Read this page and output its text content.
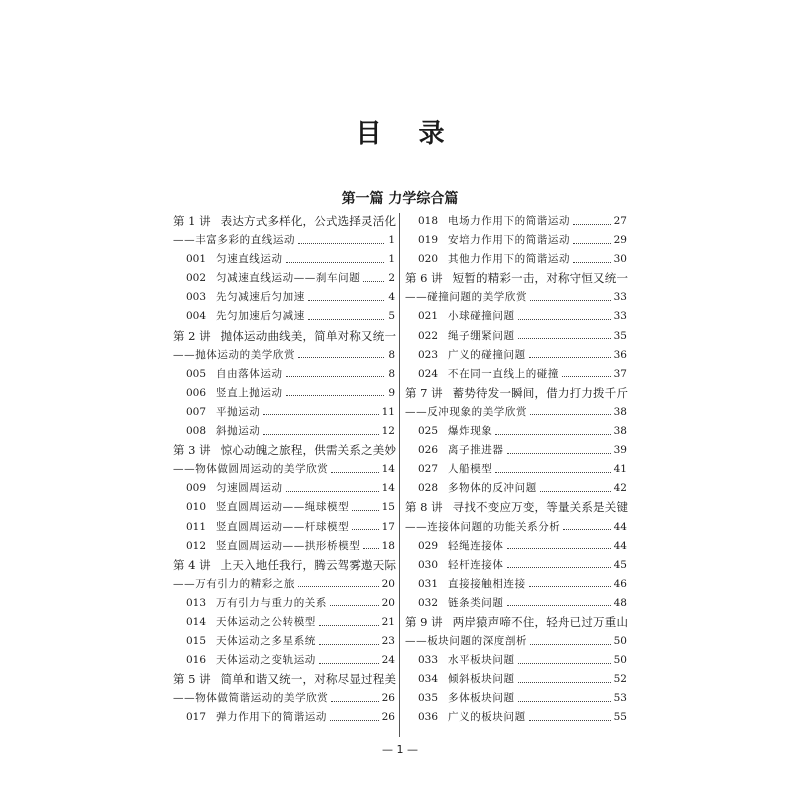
目 录
第一篇 力学综合篇
第 1 讲 表达方式多样化，公式选择灵活化
——丰富多彩的直线运动	1
001 匀速直线运动	1
002 匀减速直线运动——刹车问题	2
003 先匀减速后匀加速	4
004 先匀加速后匀减速	5
第 2 讲 抛体运动曲线美，简单对称又统一
——抛体运动的美学欣赏	8
005 自由落体运动	8
006 竖直上抛运动	9
007 平抛运动	11
008 斜抛运动	12
第 3 讲 惊心动魄之旅程，供需关系之美妙
——物体做圆周运动的美学欣赏	14
009 匀速圆周运动	14
010 竖直圆周运动——绳球模型	15
011 竖直圆周运动——杆球模型	17
012 竖直圆周运动——拱形桥模型 18
第 4 讲 上天入地任我行，腾云驾雾遨天际
——万有引力的精彩之旅	20
013 万有引力与重力的关系	20
014 天体运动之公转模型	21
015 天体运动之多星系统	23
016 天体运动之变轨运动	24
第 5 讲 简单和谐又统一，对称尽显过程美
——物体做简谐运动的美学欣赏	26
017 弹力作用下的简谐运动	26
018 电场力作用下的简谐运动	27
019 安培力作用下的简谐运动	29
020 其他力作用下的简谐运动	30
第 6 讲 短暂的精彩一击，对称守恒又统一
——碰撞问题的美学欣赏	33
021 小球碰撞问题	33
022 绳子绷紧问题	35
023 广义的碰撞问题	36
024 不在同一直线上的碰撞	37
第 7 讲 蓄势待发一瞬间，借力打力拨千斤
——反冲现象的美学欣赏	38
025 爆炸现象	38
026 离子推进器	39
027 人船模型	41
028 多物体的反冲问题	42
第 8 讲 寻找不变应万变，等量关系是关键
——连接体问题的功能关系分析	44
029 轻绳连接体	44
030 轻杆连接体	45
031 直接接触相连接	46
032 链条类问题	48
第 9 讲 两岸猿声啼不住，轻舟已过万重山
——板块问题的深度剖析	50
033 水平板块问题	50
034 倾斜板块问题	52
035 多体板块问题	53
036 广义的板块问题	55
— 1 —
